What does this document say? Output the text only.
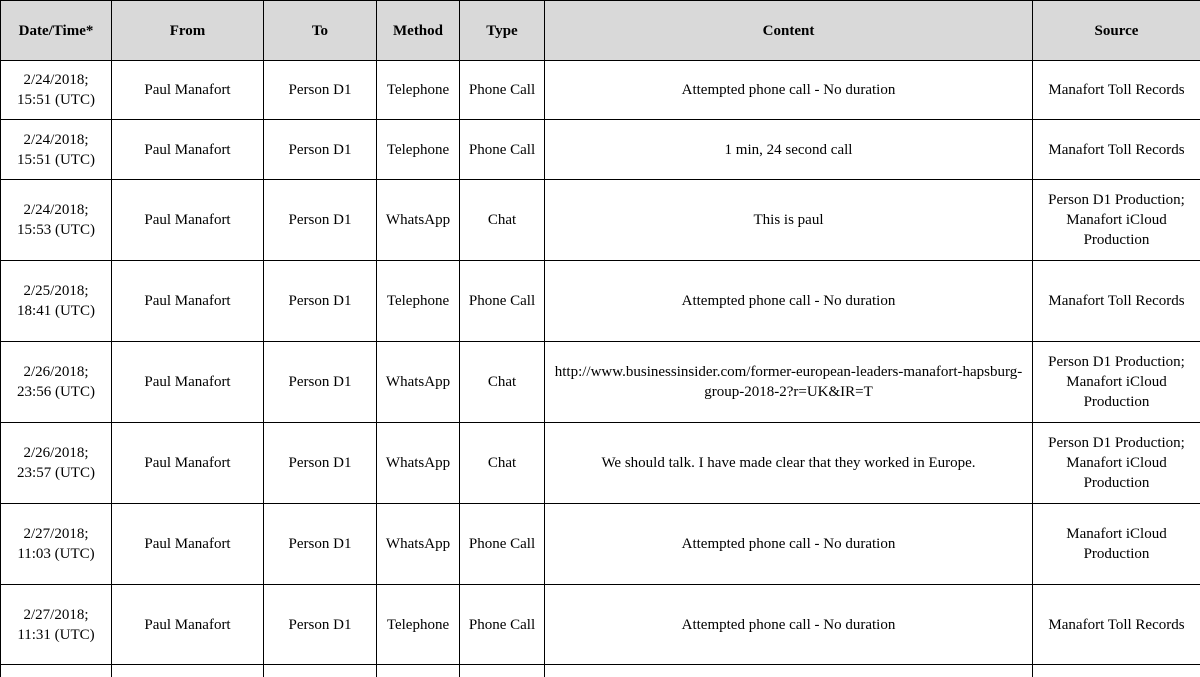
Date/Time*	From	To	Method	Type	Content	Source
2/24/2018;
15:51 (UTC)	Paul Manafort	Person D1	Telephone	Phone Call	Attempted phone call - No duration	Manafort Toll Records
2/24/2018;
15:51 (UTC)	Paul Manafort	Person D1	Telephone	Phone Call	1 min, 24 second call	Manafort Toll Records
2/24/2018;
15:53 (UTC)	Paul Manafort	Person D1	WhatsApp	Chat	This is paul	Person D1 Production;
Manafort iCloud
Production
2/25/2018;
18:41 (UTC)	Paul Manafort	Person D1	Telephone	Phone Call	Attempted phone call - No duration	Manafort Toll Records
2/26/2018;
23:56 (UTC)	Paul Manafort	Person D1	WhatsApp	Chat	http://www.businessinsider.com/former-european-leaders-manafort-hapsburg-group-2018-2?r=UK&IR=T	Person D1 Production;
Manafort iCloud
Production
2/26/2018;
23:57 (UTC)	Paul Manafort	Person D1	WhatsApp	Chat	We should talk. I have made clear that they worked in Europe.	Person D1 Production;
Manafort iCloud
Production
2/27/2018;
11:03 (UTC)	Paul Manafort	Person D1	WhatsApp	Phone Call	Attempted phone call - No duration	Manafort iCloud
Production
2/27/2018;
11:31 (UTC)	Paul Manafort	Person D1	Telephone	Phone Call	Attempted phone call - No duration	Manafort Toll Records
